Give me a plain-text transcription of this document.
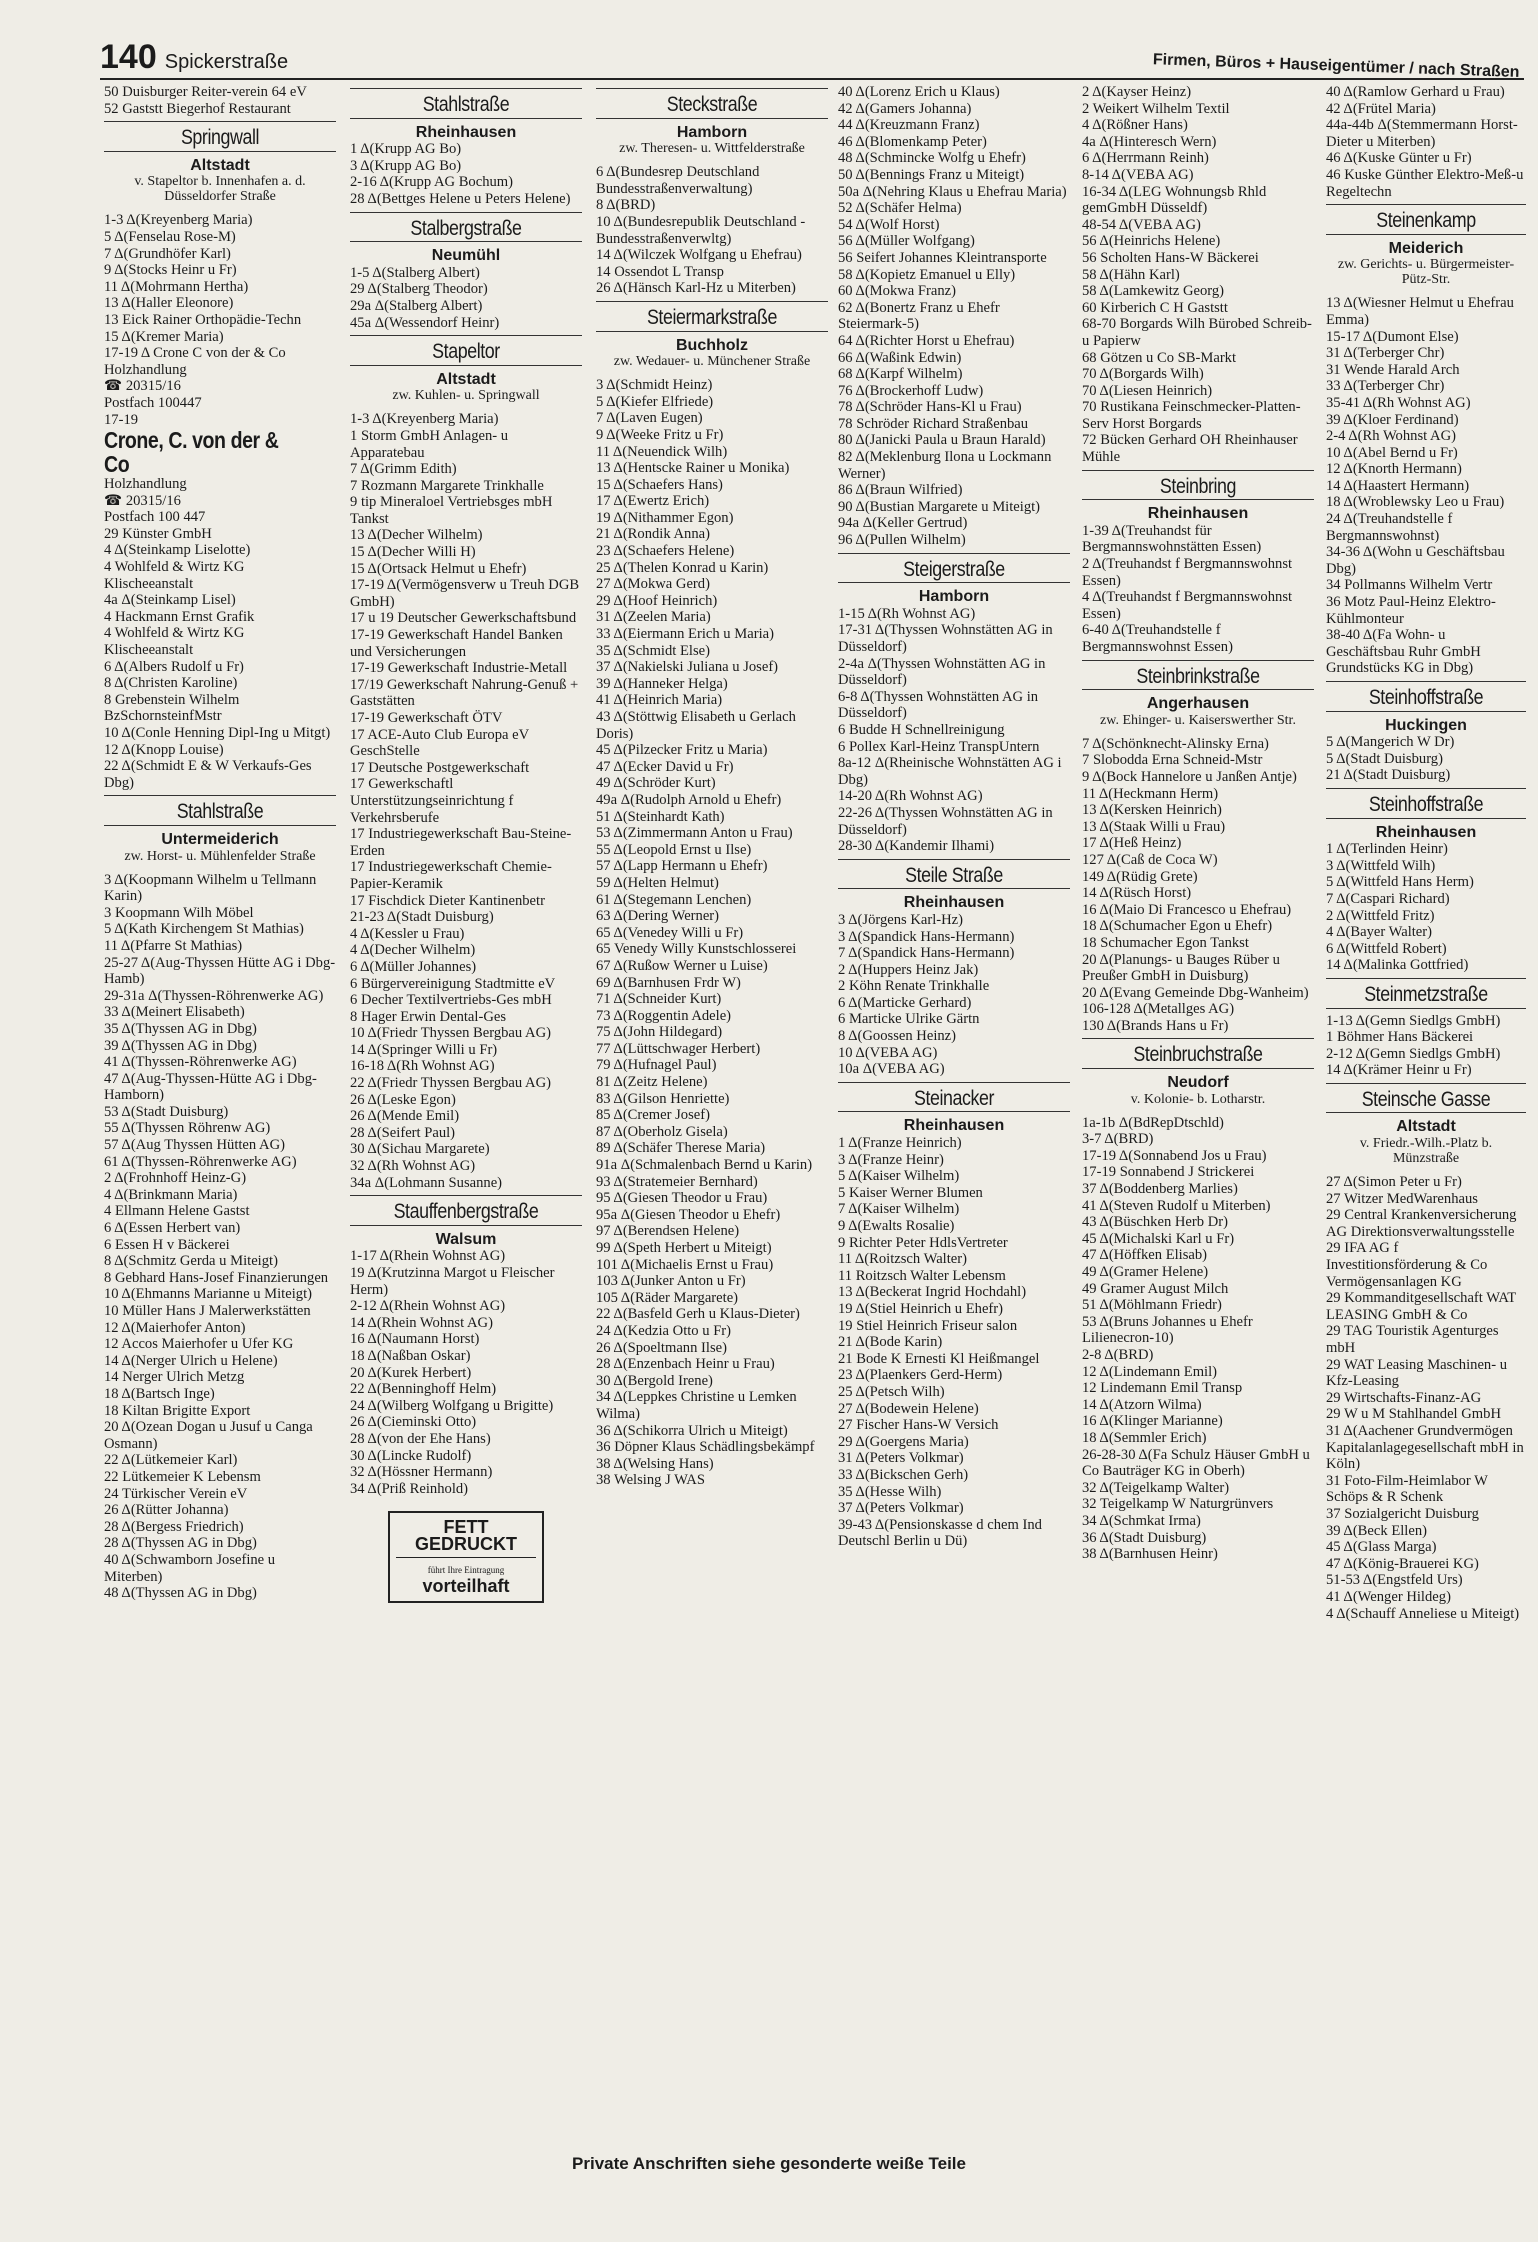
140 Spickerstraße	Firmen, Büros + Hauseigentümer / nach Straßen
50 Duisburger Reiter-verein 64 eV
52 Gaststt Biegerhof Restaurant
Springwall
Altstadt
v. Stapeltor b. Innenhafen a. d. Düsseldorfer Straße
1-3 Δ(Kreyenberg Maria)
5 Δ(Fenselau Rose-M)
7 Δ(Grundhöfer Karl)
9 Δ(Stocks Heinr u Fr)
11 Δ(Mohrmann Hertha)
13 Δ(Haller Eleonore)
13 Eick Rainer Orthopädie-Techn
15 Δ(Kremer Maria)
17-19 Δ Crone C von der & Co Holzhandlung
☎ 20315/16
Postfach 100447
17-19
Crone, C. von der & Co
Holzhandlung
☎ 20315/16
Postfach 100 447
29 Künster GmbH
4 Δ(Steinkamp Liselotte)
4 Wohlfeld & Wirtz KG Klischeeanstalt
4a Δ(Steinkamp Lisel)
4 Hackmann Ernst Grafik
4 Wohlfeld & Wirtz KG Klischeeanstalt
6 Δ(Albers Rudolf u Fr)
8 Δ(Christen Karoline)
8 Grebenstein Wilhelm BzSchornsteinfMstr
10 Δ(Conle Henning Dipl-Ing u Mitgt)
12 Δ(Knopp Louise)
22 Δ(Schmidt E & W Verkaufs-Ges Dbg)
Stahlstraße
Untermeiderich
zw. Horst- u. Mühlenfelder Straße
3 Δ(Koopmann Wilhelm u Tellmann Karin)
3 Koopmann Wilh Möbel
5 Δ(Kath Kirchengem St Mathias)
11 Δ(Pfarre St Mathias)
25-27 Δ(Aug-Thyssen Hütte AG i Dbg-Hamb)
29-31a Δ(Thyssen-Röhrenwerke AG)
33 Δ(Meinert Elisabeth)
35 Δ(Thyssen AG in Dbg)
39 Δ(Thyssen AG in Dbg)
41 Δ(Thyssen-Röhrenwerke AG)
47 Δ(Aug-Thyssen-Hütte AG i Dbg-Hamborn)
53 Δ(Stadt Duisburg)
55 Δ(Thyssen Röhrenw AG)
57 Δ(Aug Thyssen Hütten AG)
61 Δ(Thyssen-Röhrenwerke AG)
2 Δ(Frohnhoff Heinz-G)
4 Δ(Brinkmann Maria)
4 Ellmann Helene Gastst
6 Δ(Essen Herbert van)
6 Essen H v Bäckerei
8 Δ(Schmitz Gerda u Miteigt)
8 Gebhard Hans-Josef Finanzierungen
10 Δ(Ehmanns Marianne u Miteigt)
10 Müller Hans J Malerwerkstätten
12 Δ(Maierhofer Anton)
12 Accos Maierhofer u Ufer KG
14 Δ(Nerger Ulrich u Helene)
14 Nerger Ulrich Metzg
18 Δ(Bartsch Inge)
18 Kiltan Brigitte Export
20 Δ(Ozean Dogan u Jusuf u Canga Osmann)
22 Δ(Lütkemeier Karl)
22 Lütkemeier K Lebensm
24 Türkischer Verein eV
26 Δ(Rütter Johanna)
28 Δ(Bergess Friedrich)
28 Δ(Thyssen AG in Dbg)
40 Δ(Schwamborn Josefine u Miterben)
48 Δ(Thyssen AG in Dbg)
Stahlstraße
Rheinhausen
1 Δ(Krupp AG Bo)
3 Δ(Krupp AG Bo)
2-16 Δ(Krupp AG Bochum)
28 Δ(Bettges Helene u Peters Helene)
Stalbergstraße
Neumühl
1-5 Δ(Stalberg Albert)
29 Δ(Stalberg Theodor)
29a Δ(Stalberg Albert)
45a Δ(Wessendorf Heinr)
Stapeltor
Altstadt
zw. Kuhlen- u. Springwall
1-3 Δ(Kreyenberg Maria)
1 Storm GmbH Anlagen- u Apparatebau
7 Δ(Grimm Edith)
7 Rozmann Margarete Trinkhalle
9 tip Mineraloel Vertriebsges mbH Tankst
13 Δ(Decher Wilhelm)
15 Δ(Decher Willi H)
15 Δ(Ortsack Helmut u Ehefr)
17-19 Δ(Vermögensverw u Treuh DGB GmbH)
17 u 19 Deutscher Gewerkschaftsbund
17-19 Gewerkschaft Handel Banken und Versicherungen
17-19 Gewerkschaft Industrie-Metall
17/19 Gewerkschaft Nahrung-Genuß + Gaststätten
17-19 Gewerkschaft ÖTV
17 ACE-Auto Club Europa eV GeschStelle
17 Deutsche Postgewerkschaft
17 Gewerkschaftl Unterstützungseinrichtung f Verkehrsberufe
17 Industriegewerkschaft Bau-Steine-Erden
17 Industriegewerkschaft Chemie-Papier-Keramik
17 Fischdick Dieter Kantinenbetr
21-23 Δ(Stadt Duisburg)
4 Δ(Kessler u Frau)
4 Δ(Decher Wilhelm)
6 Δ(Müller Johannes)
6 Bürgervereinigung Stadtmitte eV
6 Decher Textilvertriebs-Ges mbH
8 Hager Erwin Dental-Ges
10 Δ(Friedr Thyssen Bergbau AG)
14 Δ(Springer Willi u Fr)
16-18 Δ(Rh Wohnst AG)
22 Δ(Friedr Thyssen Bergbau AG)
26 Δ(Leske Egon)
26 Δ(Mende Emil)
28 Δ(Seifert Paul)
30 Δ(Sichau Margarete)
32 Δ(Rh Wohnst AG)
34a Δ(Lohmann Susanne)
Stauffenbergstraße
Walsum
1-17 Δ(Rhein Wohnst AG)
19 Δ(Krutzinna Margot u Fleischer Herm)
2-12 Δ(Rhein Wohnst AG)
14 Δ(Rhein Wohnst AG)
16 Δ(Naumann Horst)
18 Δ(Naßban Oskar)
20 Δ(Kurek Herbert)
22 Δ(Benninghoff Helm)
24 Δ(Wilberg Wolfgang u Brigitte)
26 Δ(Cieminski Otto)
28 Δ(von der Ehe Hans)
30 Δ(Lincke Rudolf)
32 Δ(Hössner Hermann)
34 Δ(Priß Reinhold)
FETT GEDRUCKT
führt Ihre Eintragung
vorteilhaft
Steckstraße
Hamborn
zw. Theresen- u. Wittfelderstraße
6 Δ(Bundesrep Deutschland Bundesstraßenverwaltung)
8 Δ(BRD)
10 Δ(Bundesrepublik Deutschland -Bundesstraßenverwltg)
14 Δ(Wilczek Wolfgang u Ehefrau)
14 Ossendot L Transp
26 Δ(Hänsch Karl-Hz u Miterben)
Steiermarkstraße
Buchholz
zw. Wedauer- u. Münchener Straße
3 Δ(Schmidt Heinz)
5 Δ(Kiefer Elfriede)
7 Δ(Laven Eugen)
9 Δ(Weeke Fritz u Fr)
11 Δ(Neuendick Wilh)
13 Δ(Hentscke Rainer u Monika)
15 Δ(Schaefers Hans)
17 Δ(Ewertz Erich)
19 Δ(Nithammer Egon)
21 Δ(Rondik Anna)
23 Δ(Schaefers Helene)
25 Δ(Thelen Konrad u Karin)
27 Δ(Mokwa Gerd)
29 Δ(Hoof Heinrich)
31 Δ(Zeelen Maria)
33 Δ(Eiermann Erich u Maria)
35 Δ(Schmidt Else)
37 Δ(Nakielski Juliana u Josef)
39 Δ(Hanneker Helga)
41 Δ(Heinrich Maria)
43 Δ(Stöttwig Elisabeth u Gerlach Doris)
45 Δ(Pilzecker Fritz u Maria)
47 Δ(Ecker David u Fr)
49 Δ(Schröder Kurt)
49a Δ(Rudolph Arnold u Ehefr)
51 Δ(Steinhardt Kath)
53 Δ(Zimmermann Anton u Frau)
55 Δ(Leopold Ernst u Ilse)
57 Δ(Lapp Hermann u Ehefr)
59 Δ(Helten Helmut)
61 Δ(Stegemann Lenchen)
63 Δ(Dering Werner)
65 Δ(Venedey Willi u Fr)
65 Venedy Willy Kunstschlosserei
67 Δ(Rußow Werner u Luise)
69 Δ(Barnhusen Frdr W)
71 Δ(Schneider Kurt)
73 Δ(Roggentin Adele)
75 Δ(John Hildegard)
77 Δ(Lüttschwager Herbert)
79 Δ(Hufnagel Paul)
81 Δ(Zeitz Helene)
83 Δ(Gilson Henriette)
85 Δ(Cremer Josef)
87 Δ(Oberholz Gisela)
89 Δ(Schäfer Therese Maria)
91a Δ(Schmalenbach Bernd u Karin)
93 Δ(Stratemeier Bernhard)
95 Δ(Giesen Theodor u Frau)
95a Δ(Giesen Theodor u Ehefr)
97 Δ(Berendsen Helene)
99 Δ(Speth Herbert u Miteigt)
101 Δ(Michaelis Ernst u Frau)
103 Δ(Junker Anton u Fr)
105 Δ(Räder Margarete)
22 Δ(Basfeld Gerh u Klaus-Dieter)
24 Δ(Kedzia Otto u Fr)
26 Δ(Spoeltmann Ilse)
28 Δ(Enzenbach Heinr u Frau)
30 Δ(Bergold Irene)
34 Δ(Leppkes Christine u Lemken Wilma)
36 Δ(Schikorra Ulrich u Miteigt)
36 Döpner Klaus Schädlingsbekämpf
38 Δ(Welsing Hans)
38 Welsing J WAS
40 Δ(Lorenz Erich u Klaus)
42 Δ(Gamers Johanna)
44 Δ(Kreuzmann Franz)
46 Δ(Blomenkamp Peter)
48 Δ(Schmincke Wolfg u Ehefr)
50 Δ(Bennings Franz u Miteigt)
50a Δ(Nehring Klaus u Ehefrau Maria)
52 Δ(Schäfer Helma)
54 Δ(Wolf Horst)
56 Δ(Müller Wolfgang)
56 Seifert Johannes Kleintransporte
58 Δ(Kopietz Emanuel u Elly)
60 Δ(Mokwa Franz)
62 Δ(Bonertz Franz u Ehefr Steiermark-5)
64 Δ(Richter Horst u Ehefrau)
66 Δ(Waßink Edwin)
68 Δ(Karpf Wilhelm)
76 Δ(Brockerhoff Ludw)
78 Δ(Schröder Hans-Kl u Frau)
78 Schröder Richard Straßenbau
80 Δ(Janicki Paula u Braun Harald)
82 Δ(Meklenburg Ilona u Lockmann Werner)
86 Δ(Braun Wilfried)
90 Δ(Bustian Margarete u Miteigt)
94a Δ(Keller Gertrud)
96 Δ(Pullen Wilhelm)
Steigerstraße
Hamborn
1-15 Δ(Rh Wohnst AG)
17-31 Δ(Thyssen Wohnstätten AG in Düsseldorf)
2-4a Δ(Thyssen Wohnstätten AG in Düsseldorf)
6-8 Δ(Thyssen Wohnstätten AG in Düsseldorf)
6 Budde H Schnellreinigung
6 Pollex Karl-Heinz TranspUntern
8a-12 Δ(Rheinische Wohnstätten AG i Dbg)
14-20 Δ(Rh Wohnst AG)
22-26 Δ(Thyssen Wohnstätten AG in Düsseldorf)
28-30 Δ(Kandemir Ilhami)
Steile Straße
Rheinhausen
3 Δ(Jörgens Karl-Hz)
3 Δ(Spandick Hans-Hermann)
7 Δ(Spandick Hans-Hermann)
2 Δ(Huppers Heinz Jak)
2 Köhn Renate Trinkhalle
6 Δ(Marticke Gerhard)
6 Marticke Ulrike Gärtn
8 Δ(Goossen Heinz)
10 Δ(VEBA AG)
10a Δ(VEBA AG)
Steinacker
Rheinhausen
1 Δ(Franze Heinrich)
3 Δ(Franze Heinr)
5 Δ(Kaiser Wilhelm)
5 Kaiser Werner Blumen
7 Δ(Kaiser Wilhelm)
9 Δ(Ewalts Rosalie)
9 Richter Peter HdlsVertreter
11 Δ(Roitzsch Walter)
11 Roitzsch Walter Lebensm
13 Δ(Beckerat Ingrid Hochdahl)
19 Δ(Stiel Heinrich u Ehefr)
19 Stiel Heinrich Friseur salon
21 Δ(Bode Karin)
21 Bode K Ernesti Kl Heißmangel
23 Δ(Plaenkers Gerd-Herm)
25 Δ(Petsch Wilh)
27 Δ(Bodewein Helene)
27 Fischer Hans-W Versich
29 Δ(Goergens Maria)
31 Δ(Peters Volkmar)
33 Δ(Bickschen Gerh)
35 Δ(Hesse Wilh)
37 Δ(Peters Volkmar)
39-43 Δ(Pensionskasse d chem Ind Deutschl Berlin u Dü)
2 Δ(Kayser Heinz)
2 Weikert Wilhelm Textil
4 Δ(Rößner Hans)
4a Δ(Hinteresch Wern)
6 Δ(Herrmann Reinh)
8-14 Δ(VEBA AG)
16-34 Δ(LEG Wohnungsb Rhld gemGmbH Düsseldf)
48-54 Δ(VEBA AG)
56 Δ(Heinrichs Helene)
56 Scholten Hans-W Bäckerei
58 Δ(Hähn Karl)
58 Δ(Lamkewitz Georg)
60 Kirberich C H Gaststt
68-70 Borgards Wilh Bürobed Schreib- u Papierw
68 Götzen u Co SB-Markt
70 Δ(Borgards Wilh)
70 Δ(Liesen Heinrich)
70 Rustikana Feinschmecker-Platten-Serv Horst Borgards
72 Bücken Gerhard OH Rheinhauser Mühle
Steinbring
Rheinhausen
1-39 Δ(Treuhandst für Bergmannswohnstätten Essen)
2 Δ(Treuhandst f Bergmannswohnst Essen)
4 Δ(Treuhandst f Bergmannswohnst Essen)
6-40 Δ(Treuhandstelle f Bergmannswohnst Essen)
Steinbrinkstraße
Angerhausen
zw. Ehinger- u. Kaiserswerther Str.
7 Δ(Schönknecht-Alinsky Erna)
7 Slobodda Erna Schneid-Mstr
9 Δ(Bock Hannelore u Janßen Antje)
11 Δ(Heckmann Herm)
13 Δ(Kersken Heinrich)
13 Δ(Staak Willi u Frau)
17 Δ(Heß Heinz)
127 Δ(Caß de Coca W)
149 Δ(Rüdig Grete)
14 Δ(Rüsch Horst)
16 Δ(Maio Di Francesco u Ehefrau)
18 Δ(Schumacher Egon u Ehefr)
18 Schumacher Egon Tankst
20 Δ(Planungs- u Bauges Rüber u Preußer GmbH in Duisburg)
20 Δ(Evang Gemeinde Dbg-Wanheim)
106-128 Δ(Metallges AG)
130 Δ(Brands Hans u Fr)
Steinbruchstraße
Neudorf
v. Kolonie- b. Lotharstr.
1a-1b Δ(BdRepDtschld)
3-7 Δ(BRD)
17-19 Δ(Sonnabend Jos u Frau)
17-19 Sonnabend J Strickerei
37 Δ(Boddenberg Marlies)
41 Δ(Steven Rudolf u Miterben)
43 Δ(Büschken Herb Dr)
45 Δ(Michalski Karl u Fr)
47 Δ(Höffken Elisab)
49 Δ(Gramer Helene)
49 Gramer August Milch
51 Δ(Möhlmann Friedr)
53 Δ(Bruns Johannes u Ehefr Lilienecron-10)
2-8 Δ(BRD)
12 Δ(Lindemann Emil)
12 Lindemann Emil Transp
14 Δ(Atzorn Wilma)
16 Δ(Klinger Marianne)
18 Δ(Semmler Erich)
26-28-30 Δ(Fa Schulz Häuser GmbH u Co Bauträger KG in Oberh)
32 Δ(Teigelkamp Walter)
32 Teigelkamp W Naturgrünvers
34 Δ(Schmkat Irma)
36 Δ(Stadt Duisburg)
38 Δ(Barnhusen Heinr)
40 Δ(Ramlow Gerhard u Frau)
42 Δ(Frütel Maria)
44a-44b Δ(Stemmermann Horst-Dieter u Miterben)
46 Δ(Kuske Günter u Fr)
46 Kuske Günther Elektro-Meß-u Regeltechn
Steinenkamp
Meiderich
zw. Gerichts- u. Bürgermeister-Pütz-Str.
13 Δ(Wiesner Helmut u Ehefrau Emma)
15-17 Δ(Dumont Else)
31 Δ(Terberger Chr)
31 Wende Harald Arch
33 Δ(Terberger Chr)
35-41 Δ(Rh Wohnst AG)
39 Δ(Kloer Ferdinand)
2-4 Δ(Rh Wohnst AG)
10 Δ(Abel Bernd u Fr)
12 Δ(Knorth Hermann)
14 Δ(Haastert Hermann)
18 Δ(Wroblewsky Leo u Frau)
24 Δ(Treuhandstelle f Bergmannswohnst)
34-36 Δ(Wohn u Geschäftsbau Dbg)
34 Pollmanns Wilhelm Vertr
36 Motz Paul-Heinz Elektro-Kühlmonteur
38-40 Δ(Fa Wohn- u Geschäftsbau Ruhr GmbH Grundstücks KG in Dbg)
Steinhoffstraße
Huckingen
5 Δ(Mangerich W Dr)
5 Δ(Stadt Duisburg)
21 Δ(Stadt Duisburg)
Steinhoffstraße
Rheinhausen
1 Δ(Terlinden Heinr)
3 Δ(Wittfeld Wilh)
5 Δ(Wittfeld Hans Herm)
7 Δ(Caspari Richard)
2 Δ(Wittfeld Fritz)
4 Δ(Bayer Walter)
6 Δ(Wittfeld Robert)
14 Δ(Malinka Gottfried)
Steinmetzstraße
1-13 Δ(Gemn Siedlgs GmbH)
1 Böhmer Hans Bäckerei
2-12 Δ(Gemn Siedlgs GmbH)
14 Δ(Krämer Heinr u Fr)
Steinsche Gasse
Altstadt
v. Friedr.-Wilh.-Platz b. Münzstraße
27 Δ(Simon Peter u Fr)
27 Witzer MedWarenhaus
29 Central Krankenversicherung AG Direktionsverwaltungsstelle
29 IFA AG f Investitionsförderung & Co Vermögensanlagen KG
29 Kommanditgesellschaft WAT LEASING GmbH & Co
29 TAG Touristik Agenturges mbH
29 WAT Leasing Maschinen- u Kfz-Leasing
29 Wirtschafts-Finanz-AG
29 W u M Stahlhandel GmbH
31 Δ(Aachener Grundvermögen Kapitalanlagegesellschaft mbH in Köln)
31 Foto-Film-Heimlabor W Schöps & R Schenk
37 Sozialgericht Duisburg
39 Δ(Beck Ellen)
45 Δ(Glass Marga)
47 Δ(König-Brauerei KG)
51-53 Δ(Engstfeld Urs)
41 Δ(Wenger Hildeg)
4 Δ(Schauff Anneliese u Miteigt)
Private Anschriften siehe gesonderte weiße Teile
